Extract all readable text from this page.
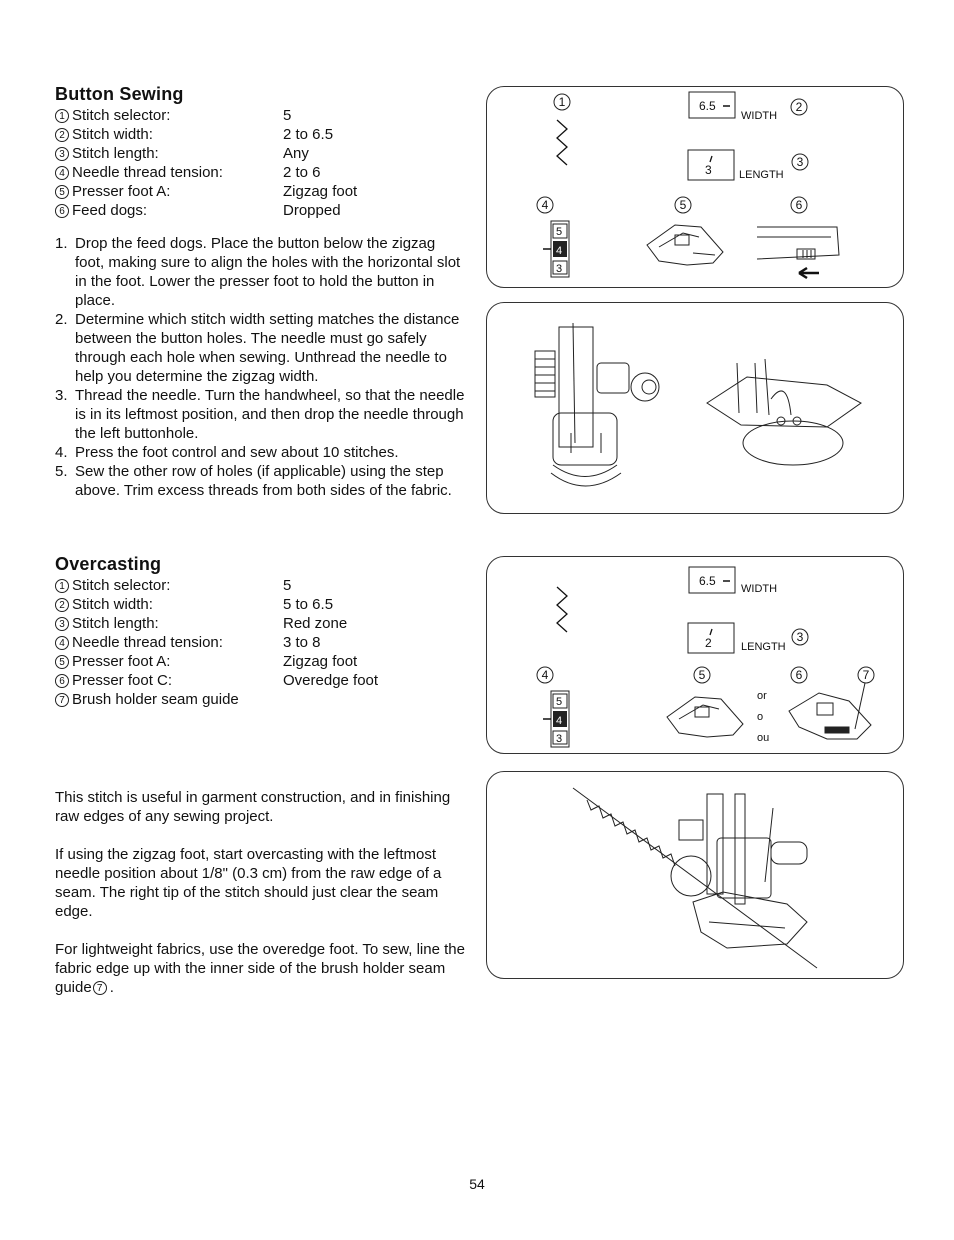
Button Sewing
1 Stitch selector:	5
2 Stitch width:	2 to 6.5
3 Stitch length:	Any
4 Needle thread tension:	2 to 6
5 Presser foot A:	Zigzag foot
6 Feed dogs:	Dropped
1. Drop the feed dogs. Place the button below the zigzag foot, making sure to align the holes with the horizontal slot in the foot. Lower the presser foot to hold the button in place.
2. Determine which stitch width setting matches the distance between the button holes. The needle must go safely through each hole when sewing. Unthread the needle to help you determine the zigzag width.
3. Thread the needle. Turn the handwheel, so that the needle is in its leftmost position, and then drop the needle through the left buttonhole.
4. Press the foot control and sew about 10 stitches.
5. Sew the other row of holes (if applicable) using the step above. Trim excess threads from both sides of the fabric.
1	6.5
WIDTH
2
3 LENGTH
3
4	5	6
5
4
3
Overcasting
1 Stitch selector:	5
2 Stitch width:	5 to 6.5
3 Stitch length:	Red zone
4 Needle thread tension:	3 to 8
5 Presser foot A:	Zigzag foot
6 Presser foot C:	Overedge foot
7 Brush holder seam guide
This stitch is useful in garment construction, and in finishing raw edges of any sewing project.
If using the zigzag foot, start overcasting with the leftmost needle position about 1/8" (0.3 cm) from the raw edge of a seam. The right tip of the stitch should just clear the seam edge.
For lightweight fabrics, use the overedge foot. To sew, line the fabric edge up with the inner side of the brush holder seam guide 7 .
6.5
WIDTH
2	LENGTH
3
4	5	6	7
5
4
3
or
o
ou
54
